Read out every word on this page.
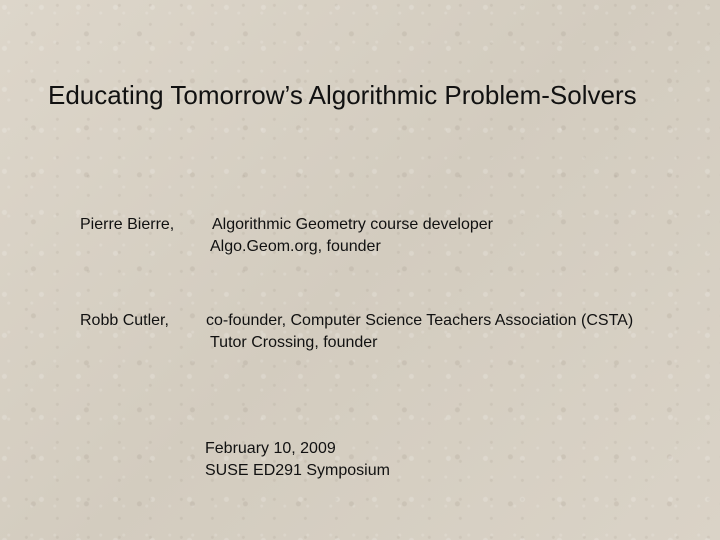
Educating Tomorrow’s Algorithmic Problem-Solvers
Pierre Bierre, Algorithmic Geometry course developer
Algo.Geom.org, founder
Robb Cutler, co-founder, Computer Science Teachers Association (CSTA)
Tutor Crossing, founder
February 10, 2009
SUSE ED291 Symposium
